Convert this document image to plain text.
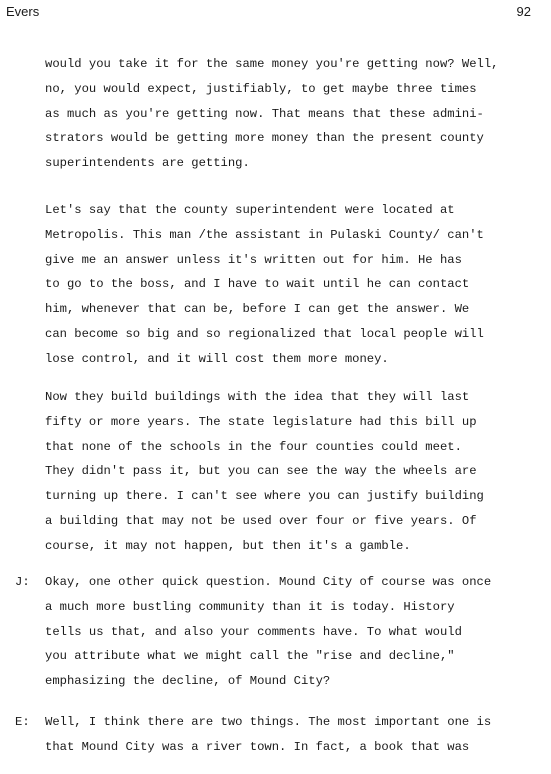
Evers	92
would you take it for the same money you're getting now? Well,
no, you would expect, justifiably, to get maybe three times
as much as you're getting now. That means that these admini-
strators would be getting more money than the present county
superintendents are getting.
Let's say that the county superintendent were located at
Metropolis. This man /the assistant in Pulaski County/ can't
give me an answer unless it's written out for him. He has
to go to the boss, and I have to wait until he can contact
him, whenever that can be, before I can get the answer. We
can become so big and so regionalized that local people will
lose control, and it will cost them more money.
Now they build buildings with the idea that they will last
fifty or more years. The state legislature had this bill up
that none of the schools in the four counties could meet.
They didn't pass it, but you can see the way the wheels are
turning up there. I can't see where you can justify building
a building that may not be used over four or five years. Of
course, it may not happen, but then it's a gamble.
J: Okay, one other quick question. Mound City of course was once
a much more bustling community than it is today. History
tells us that, and also your comments have. To what would
you attribute what we might call the "rise and decline,"
emphasizing the decline, of Mound City?
E: Well, I think there are two things. The most important one is
that Mound City was a river town. In fact, a book that was
